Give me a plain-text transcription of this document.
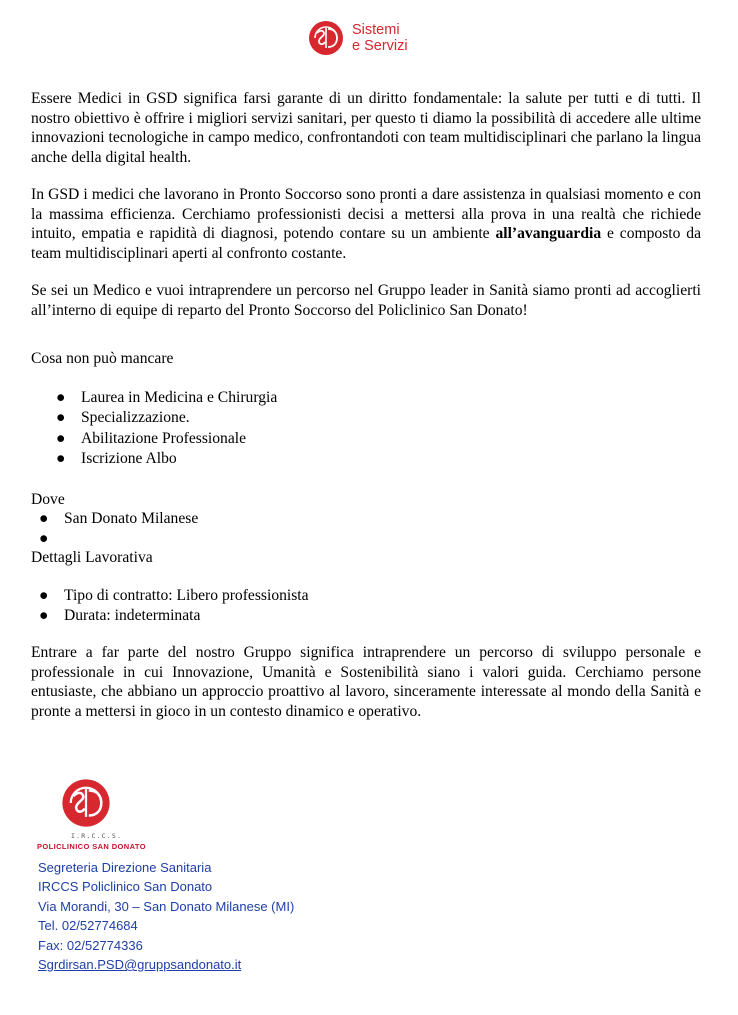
Sistemi
e Servizi

Essere Medici in GSD significa farsi garante di un diritto fondamentale: la salute per tutti e di tutti. Il nostro obiettivo è offrire i migliori servizi sanitari, per questo ti diamo la possibilità di accedere alle ultime innovazioni tecnologiche in campo medico, confrontandoti con team multidisciplinari che parlano la lingua anche della digital health.

In GSD i medici che lavorano in Pronto Soccorso sono pronti a dare assistenza in qualsiasi momento e con la massima efficienza. Cerchiamo professionisti decisi a mettersi alla prova in una realtà che richiede intuito, empatia e rapidità di diagnosi, potendo contare su un ambiente all’avanguardia e composto da team multidisciplinari aperti al confronto costante.

Se sei un Medico e vuoi intraprendere un percorso nel Gruppo leader in Sanità siamo pronti ad accoglierti all’interno di equipe di reparto del Pronto Soccorso del Policlinico San Donato!

Cosa non può mancare

● Laurea in Medicina e Chirurgia
● Specializzazione.
● Abilitazione Professionale
● Iscrizione Albo

Dove

● San Donato Milanese
●

Dettagli Lavorativa

● Tipo di contratto: Libero professionista
● Durata: indeterminata

Entrare a far parte del nostro Gruppo significa intraprendere un percorso di sviluppo personale e professionale in cui Innovazione, Umanità e Sostenibilità siano i valori guida. Cerchiamo persone entusiaste, che abbiano un approccio proattivo al lavoro, sinceramente interessate al mondo della Sanità e pronte a mettersi in gioco in un contesto dinamico e operativo.

I.R.C.C.S.
POLICLINICO SAN DONATO
Segreteria Direzione Sanitaria
IRCCS Policlinico San Donato
Via Morandi, 30 – San Donato Milanese (MI)
Tel. 02/52774684
Fax: 02/52774336
Sgrdirsan.PSD@gruppsandonato.it
